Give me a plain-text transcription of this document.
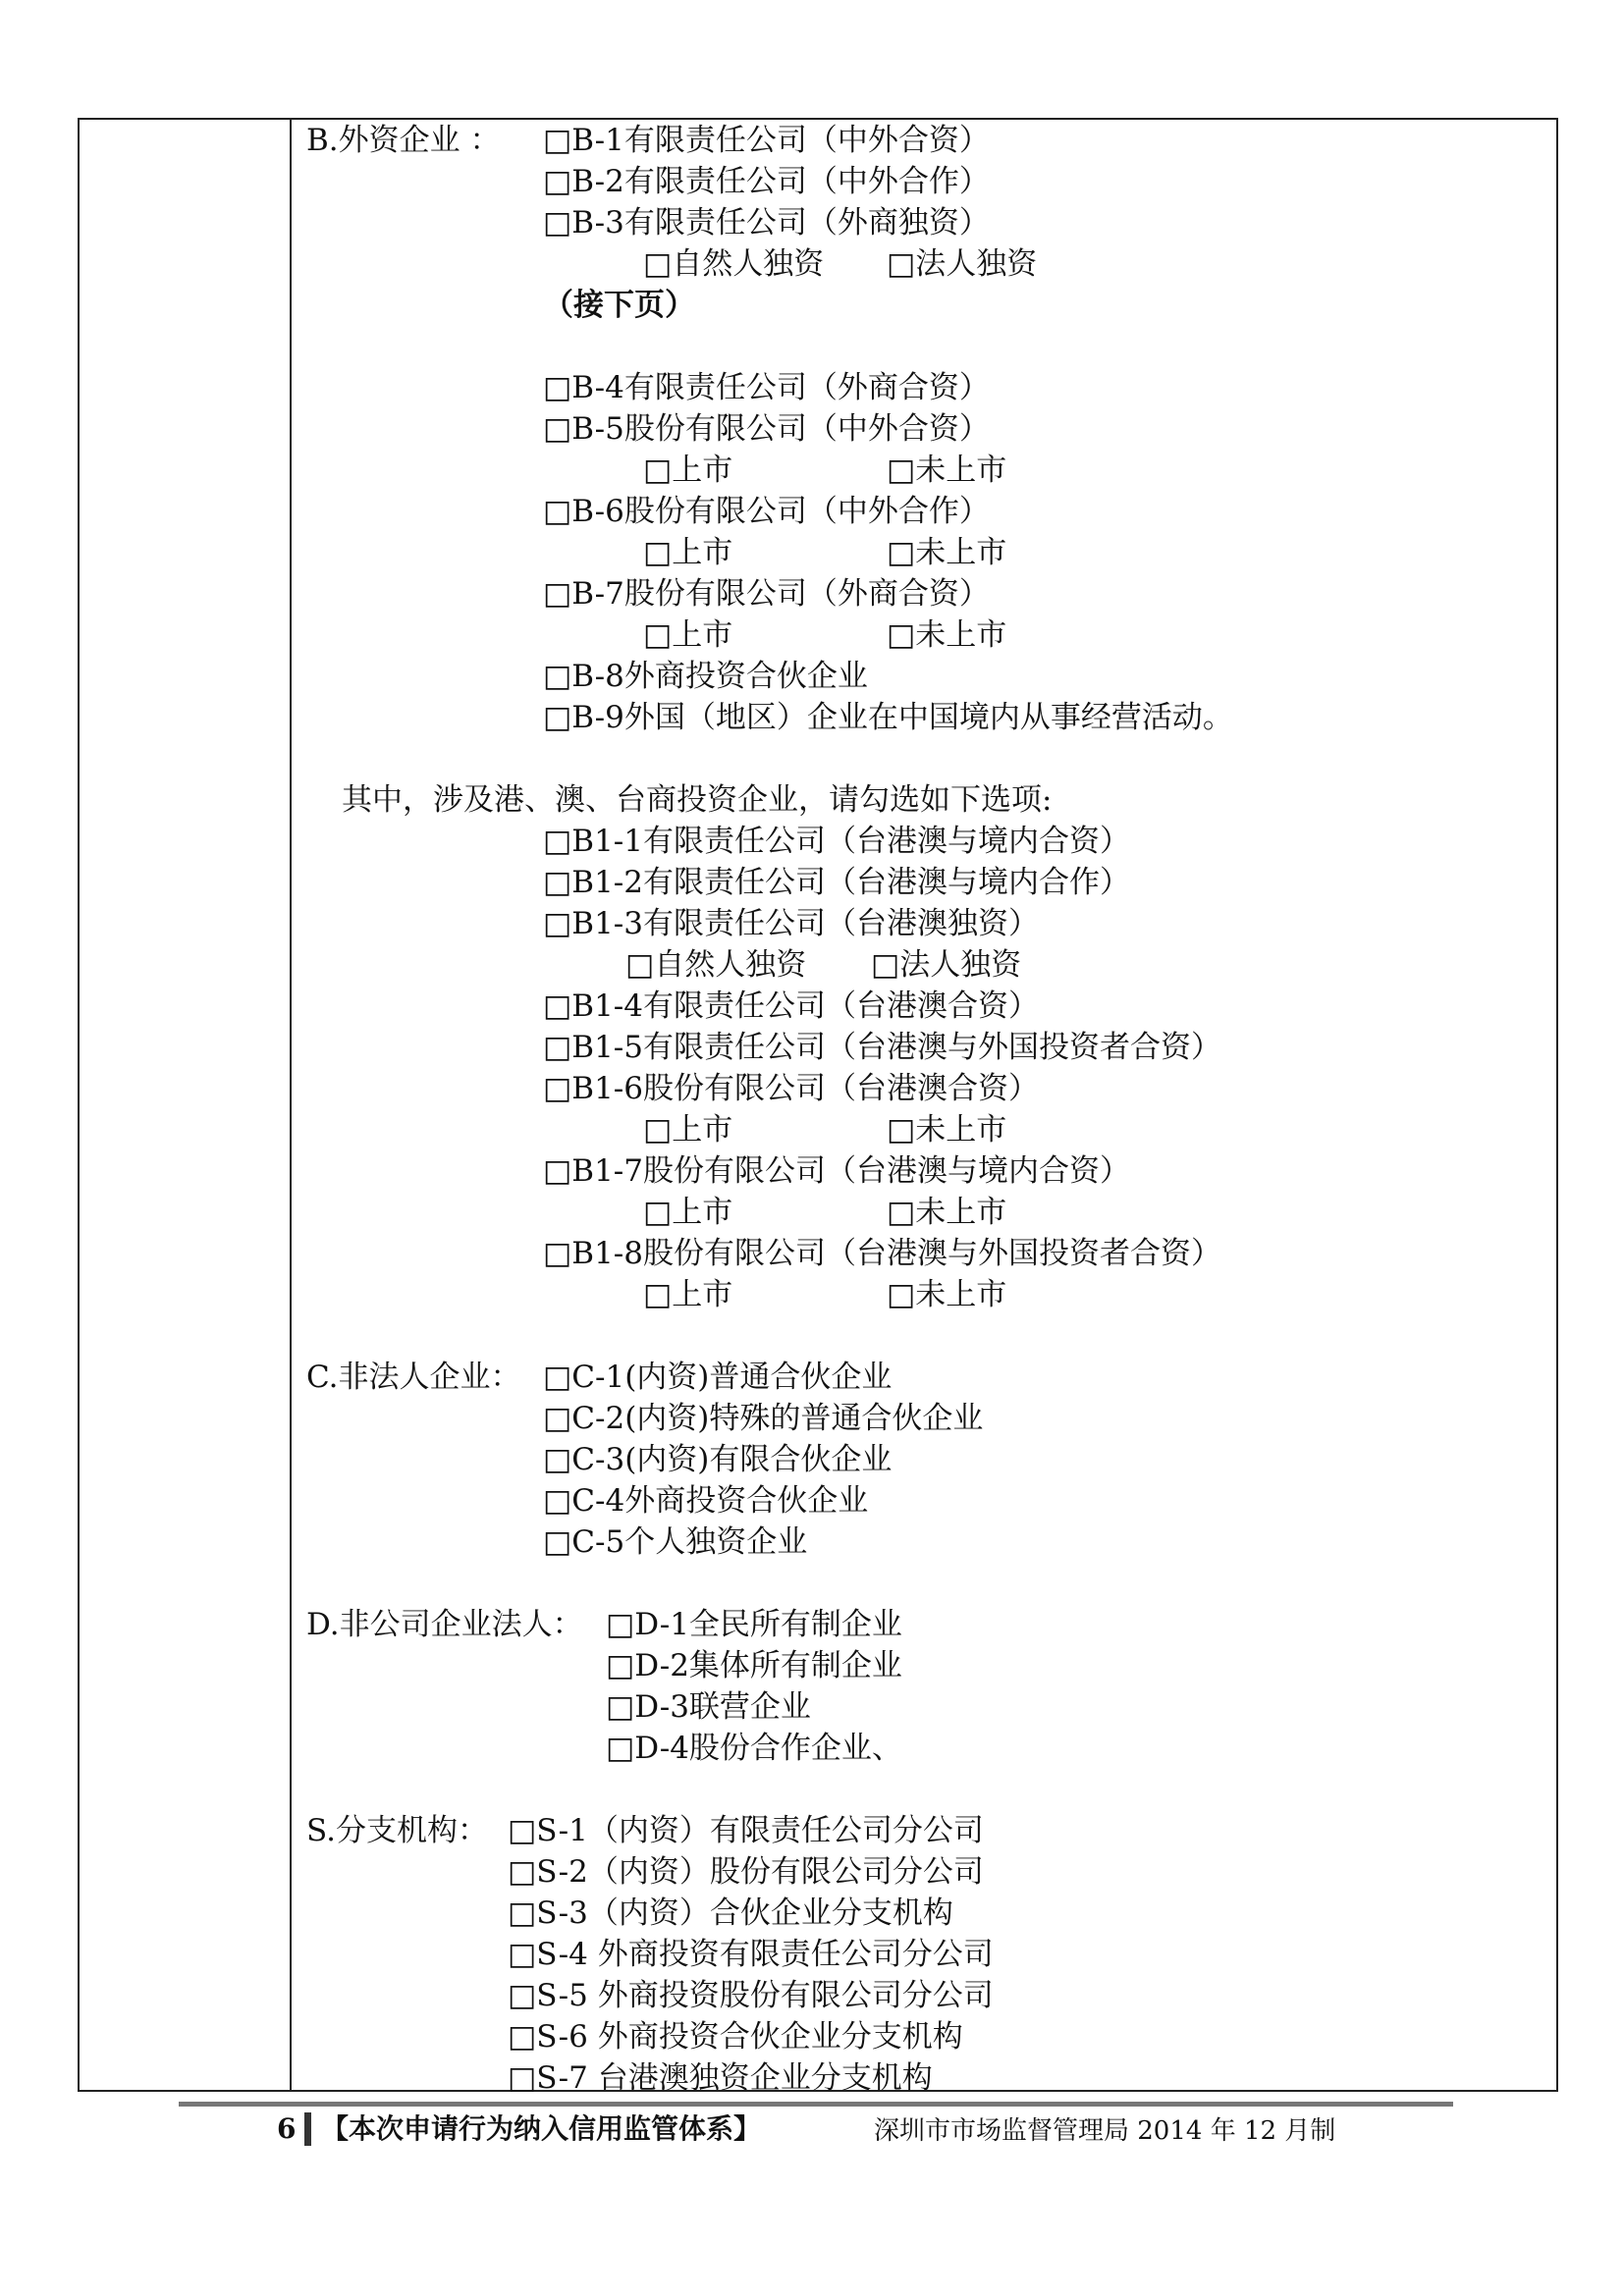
B.外资企业 ： □B-1有限责任公司（中外合资）
□B-2有限责任公司（中外合作）
□B-3有限责任公司（外商独资）
□自然人独资 □法人独资
（接下页）
□B-4有限责任公司（外商合资）
□B-5股份有限公司（中外合资）
□上市	□未上市
□B-6股份有限公司（中外合作）
□上市	□未上市
□B-7股份有限公司（外商合资）
□上市	□未上市
□B-8外商投资合伙企业
□B-9外国（地区）企业在中国境内从事经营活动。
其中，涉及港、澳、台商投资企业，请勾选如下选项:
□B1-1有限责任公司（台港澳与境内合资）
□B1-2有限责任公司（台港澳与境内合作）
□B1-3有限责任公司（台港澳独资）
□自然人独资 □法人独资
□B1-4有限责任公司（台港澳合资）
□B1-5有限责任公司（台港澳与外国投资者合资）
□B1-6股份有限公司（台港澳合资）
□上市	□未上市
□B1-7股份有限公司（台港澳与境内合资）
□上市	□未上市
□B1-8股份有限公司（台港澳与外国投资者合资）
□上市	□未上市
C.非法人企业： □C-1(内资)普通合伙企业
□C-2(内资)特殊的普通合伙企业
□C-3(内资)有限合伙企业
□C-4外商投资合伙企业
□C-5个人独资企业
D.非公司企业法人： □D-1全民所有制企业
□D-2集体所有制企业
□D-3联营企业
□D-4股份合作企业、
S.分支机构： □S-1（内资）有限责任公司分公司
□S-2（内资）股份有限公司分公司
□S-3（内资）合伙企业分支机构
□S-4 外商投资有限责任公司分公司
□S-5 外商投资股份有限公司分公司
□S-6 外商投资合伙企业分支机构
□S-7 台港澳独资企业分支机构
6 【本次申请行为纳入信用监管体系】	深圳市市场监督管理局 2014 年 12 月制
